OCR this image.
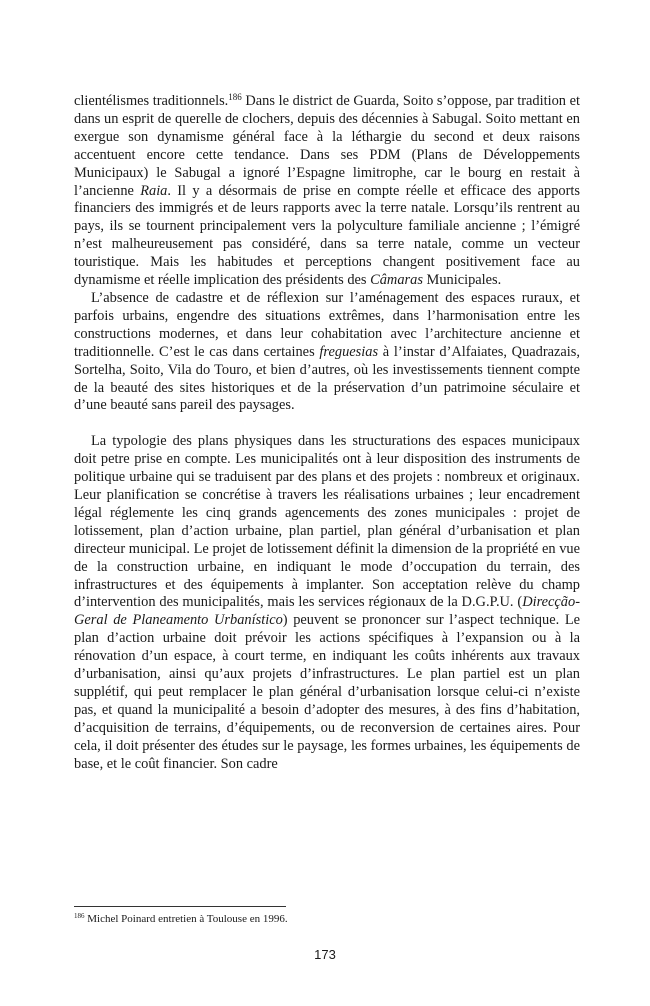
clientélismes traditionnels.$^{186}$ Dans le district de Guarda, Soito s’oppose, par tradition et dans un esprit de querelle de clochers, depuis des décennies à Sabugal. Soito mettant en exergue son dynamisme général face à la léthargie du second et deux raisons accentuent encore cette tendance. Dans ses PDM (Plans de Développements Municipaux) le Sabugal a ignoré l’Espagne limitrophe, car le bourg en restait à l’ancienne Raia. Il y a désormais de prise en compte réelle et efficace des apports financiers des immigrés et de leurs rapports avec la terre natale. Lorsqu’ils rentrent au pays, ils se tournent principalement vers la polyculture familiale ancienne ; l’émigré n’est malheureusement pas considéré, dans sa terre natale, comme un vecteur touristique. Mais les habitudes et perceptions changent positivement face au dynamisme et réelle implication des présidents des Câmaras Municipales.

L’absence de cadastre et de réflexion sur l’aménagement des espaces ruraux, et parfois urbains, engendre des situations extrêmes, dans l’harmonisation entre les constructions modernes, et dans leur cohabitation avec l’architecture ancienne et traditionnelle. C’est le cas dans certaines freguesias à l’instar d’Alfaiates, Quadrazais, Sortelha, Soito, Vila do Touro, et bien d’autres, où les investissements tiennent compte de la beauté des sites historiques et de la préservation d’un patrimoine séculaire et d’une beauté sans pareil des paysages.

La typologie des plans physiques dans les structurations des espaces municipaux doit petre prise en compte. Les municipalités ont à leur disposition des instruments de politique urbaine qui se traduisent par des plans et des projets : nombreux et originaux. Leur planification se concrétise à travers les réalisations urbaines ; leur encadrement légal réglemente les cinq grands agencements des zones municipales : projet de lotissement, plan d’action urbaine, plan partiel, plan général d’urbanisation et plan directeur municipal. Le projet de lotissement définit la dimension de la propriété en vue de la construction urbaine, en indiquant le mode d’occupation du terrain, des infrastructures et des équipements à implanter. Son acceptation relève du champ d’intervention des municipalités, mais les services régionaux de la D.G.P.U. (Direcção-Geral de Planeamento Urbanístico) peuvent se prononcer sur l’aspect technique. Le plan d’action urbaine doit prévoir les actions spécifiques à l’expansion ou à la rénovation d’un espace, à court terme, en indiquant les coûts inhérents aux travaux d’urbanisation, ainsi qu’aux projets d’infrastructures. Le plan partiel est un plan supplétif, qui peut remplacer le plan général d’urbanisation lorsque celui-ci n’existe pas, et quand la municipalité a besoin d’adopter des mesures, à des fins d’habitation, d’acquisition de terrains, d’équipements, ou de reconversion de certaines aires. Pour cela, il doit présenter des études sur le paysage, les formes urbaines, les équipements de base, et le coût financier. Son cadre

$^{186}$ Michel Poinard entretien à Toulouse en 1996.

173
